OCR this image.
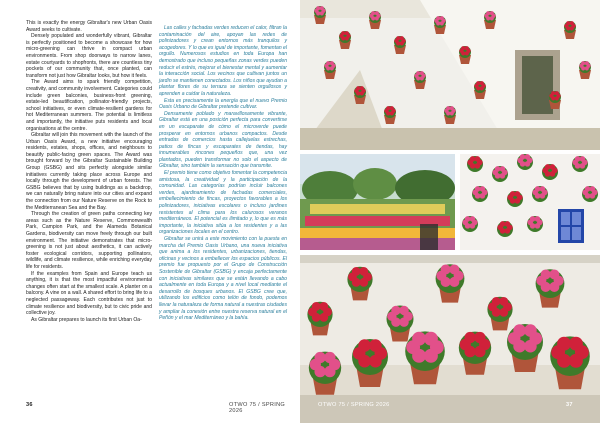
This is exactly the energy Gibraltar's new Urban Oasis Award seeks to cultivate.

Densely populated and wonderfully vibrant, Gibraltar is perfectly positioned to become a showcase for how micro-greening can thrive in compact urban environments. From shop doorways to narrow lanes, estate courtyards to shopfronts, there are countless tiny pockets of our community that, once planted, can transform not just how Gibraltar looks, but how it feels.

The Award aims to spark friendly competition, creativity, and community involvement. Categories could include green balconies, business-front greening, estate-led beautification, pollinator-friendly projects, school initiatives, or even climate-resilient gardens for hot Mediterranean summers. The potential is limitless and importantly, the initiative puts residents and local organisations at the centre.

Gibraltar will join this movement with the launch of the Urban Oasis Award, a new initiative encouraging residents, estates, shops, offices, and neighbours to beautify public-facing green spaces. The Award was brought forward by the Gibraltar Sustainable Building Group (GSBG) and sits perfectly alongside similar initiatives currently taking place across Europe and locally through the development of urban forests. The GSBG believes that by using buildings as a backdrop, we can naturally bring nature into our cities and expand the connection from our Nature Reserve on the Rock to the Mediterranean Sea and the Bay.

Through the creation of green paths connecting key areas such as the Nature Reserve, Commonwealth Park, Campion Park, and the Alameda Botanical Gardens, biodiversity can move freely through our built environment. The initiative demonstrates that micro-greening is not just about aesthetics, it can actively foster ecological corridors, supporting pollinators, wildlife, and climate resilience, while enriching everyday life for residents.

If the examples from Spain and Europe teach us anything, it is that the most impactful environmental changes often start at the smallest scale. A planter on a balcony. A vine on a wall. A shared effort to bring life to a neglected passageway. Each contributes not just to climate resilience and biodiversity, but to civic pride and collective joy.

As Gibraltar prepares to launch its first Urban Oa-

Las calles y fachadas verdes reducen el calor, filtran la contaminación del aire, apoyan las redes de polinizadores y crean entornos más tranquilos y acogedores. Y lo que es igual de importante, fomentan el orgullo. Numerosos estudios en toda Europa han demostrado que incluso pequeñas zonas verdes pueden reducir el estrés, mejorar el bienestar mental y aumentar la interacción social. Los vecinos que cultivan juntos un jardín se mantienen conectados. Los niños que ayudan a plantar flores de su terraza se sienten orgullosos y aprenden a cuidar la naturaleza.

Esta es precisamente la energía que el nuevo Premio Oasis Urbano de Gibraltar pretende cultivar.

Densamente poblado y maravillosamente vibrante, Gibraltar está en una posición perfecta para convertirse en un escaparate de cómo el microverde puede prosperar en entornos urbanos compactos. Desde entradas de comercios hasta callejuelas estrechas, patios de fincas y escaparates de tiendas, hay innumerables rincones pequeños que, una vez plantados, pueden transformar no solo el aspecto de Gibraltar, sino también la sensación que transmite.

El premio tiene como objetivo fomentar la competencia amistosa, la creatividad y la participación de la comunidad. Las categorías podrían incluir balcones verdes, ajardinamiento de fachadas comerciales, embellecimiento de fincas, proyectos favorables a los polinizadores, iniciativas escolares o incluso jardines resistentes al clima para los calurosos veranos mediterráneos. El potencial es ilimitado y, lo que es más importante, la iniciativa sitúa a los residentes y a las organizaciones locales en el centro.

Gibraltar se unirá a este movimiento con la puesta en marcha del Premio Oasis Urbano, una nueva iniciativa que anima a los residentes, urbanizaciones, tiendas, oficinas y vecinos a embellecer los espacios públicos. El premio fue propuesto por el Grupo de Construcción Sostenible de Gibraltar (GSBG) y encaja perfectamente con iniciativas similares que se están llevando a cabo actualmente en toda Europa y a nivel local mediante el desarrollo de bosques urbanos. El GSBG cree que, utilizando los edificios como telón de fondo, podemos llevar la naturaleza de forma natural a nuestras ciudades y ampliar la conexión entre nuestra reserva natural en el Peñón y el mar Mediterráneo y la bahía.

36	OTWO 75 / SPRING 2026
OTWO 75 / SPRING 2026	37
